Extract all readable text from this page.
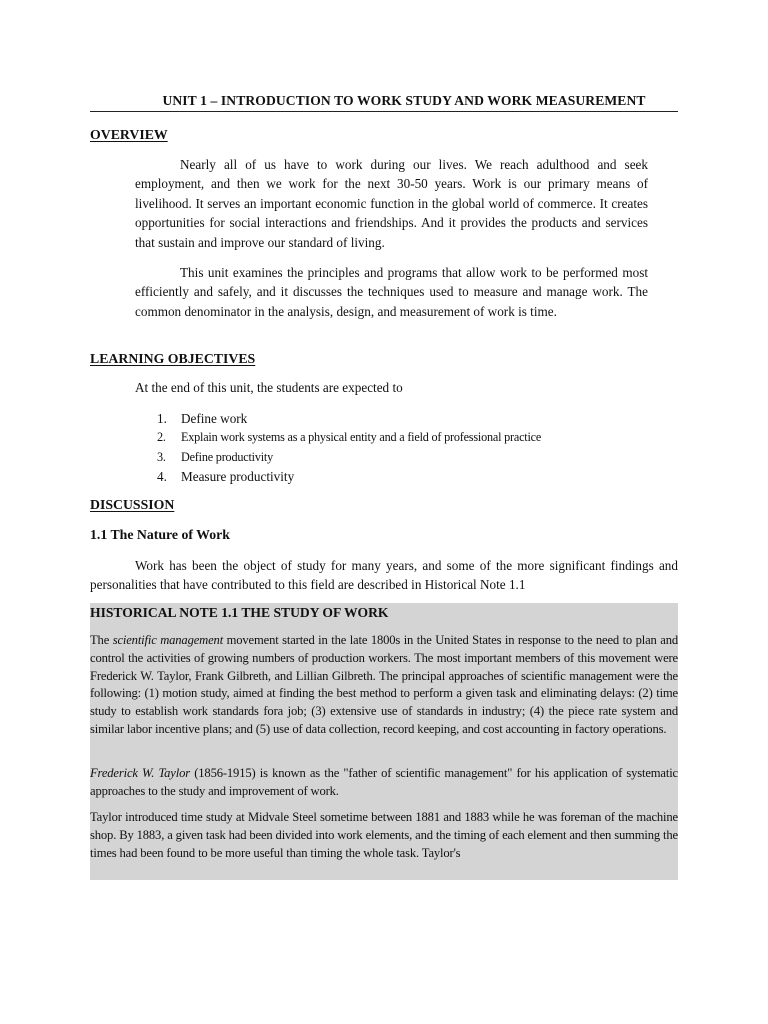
UNIT 1 – INTRODUCTION TO WORK STUDY AND WORK MEASUREMENT
OVERVIEW

Nearly all of us have to work during our lives. We reach adulthood and seek employment, and then we work for the next 30-50 years. Work is our primary means of livelihood. It serves an important economic function in the global world of commerce. It creates opportunities for social interactions and friendships. And it provides the products and services that sustain and improve our standard of living.

This unit examines the principles and programs that allow work to be performed most efficiently and safely, and it discusses the techniques used to measure and manage work. The common denominator in the analysis, design, and measurement of work is time.

LEARNING OBJECTIVES
At the end of this unit, the students are expected to
1. Define work
2. Explain work systems as a physical entity and a field of professional practice
3. Define productivity
4. Measure productivity
DISCUSSION
1.1 The Nature of Work

Work has been the object of study for many years, and some of the more significant findings and personalities that have contributed to this field are described in Historical Note 1.1

HISTORICAL NOTE 1.1 THE STUDY OF WORK

The scientific management movement started in the late 1800s in the United States in response to the need to plan and control the activities of growing numbers of production workers. The most important members of this movement were Frederick W. Taylor, Frank Gilbreth, and Lillian Gilbreth. The principal approaches of scientific management were the following: (1) motion study, aimed at finding the best method to perform a given task and eliminating delays: (2) time study to establish work standards fora job; (3) extensive use of standards in industry; (4) the piece rate system and similar labor incentive plans; and (5) use of data collection, record keeping, and cost accounting in factory operations.

Frederick W. Taylor (1856-1915) is known as the "father of scientific management" for his application of systematic approaches to the study and improvement of work.

Taylor introduced time study at Midvale Steel sometime between 1881 and 1883 while he was foreman of the machine shop. By 1883, a given task had been divided into work elements, and the timing of each element and then summing the times had been found to be more useful than timing the whole task. Taylor's
